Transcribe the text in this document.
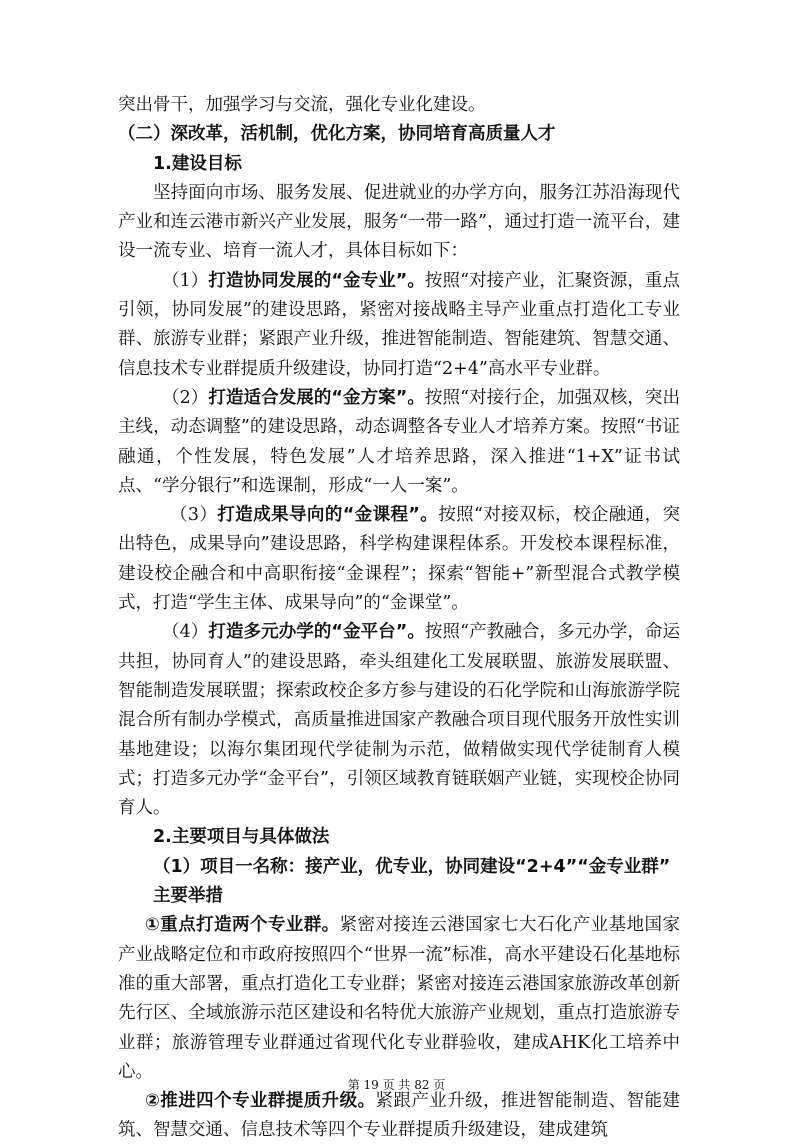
突出骨干，加强学习与交流，强化专业化建设。

（二）深改革，活机制，优化方案，协同培育高质量人才

1.建设目标

坚持面向市场、服务发展、促进就业的办学方向，服务江苏沿海现代产业和连云港市新兴产业发展，服务“一带一路”，通过打造一流平台，建设一流专业、培育一流人才，具体目标如下：

（1）打造协同发展的“金专业”。按照“对接产业，汇聚资源，重点引领，协同发展”的建设思路，紧密对接战略主导产业重点打造化工专业群、旅游专业群；紧跟产业升级，推进智能制造、智能建筑、智慧交通、信息技术专业群提质升级建设，协同打造“2+4”高水平专业群。

（2）打造适合发展的“金方案”。按照“对接行企，加强双核，突出主线，动态调整”的建设思路，动态调整各专业人才培养方案。按照“书证融通，个性发展，特色发展”人才培养思路，深入推进“1+X”证书试点、“学分银行”和选课制，形成“一人一案”。

（3）打造成果导向的“金课程”。按照“对接双标，校企融通，突出特色，成果导向”建设思路，科学构建课程体系。开发校本课程标准，建设校企融合和中高职衔接“金课程”；探索“智能+”新型混合式教学模式，打造“学生主体、成果导向”的“金课堂”。

（4）打造多元办学的“金平台”。按照“产教融合，多元办学，命运共担，协同育人”的建设思路，牵头组建化工发展联盟、旅游发展联盟、智能制造发展联盟；探索政校企多方参与建设的石化学院和山海旅游学院混合所有制办学模式，高质量推进国家产教融合项目现代服务开放性实训基地建设；以海尔集团现代学徒制为示范，做精做实现代学徒制育人模式；打造多元办学“金平台”，引领区域教育链联姻产业链，实现校企协同育人。

2.主要项目与具体做法

（1）项目一名称：接产业，优专业，协同建设“2+4”“金专业群”

主要举措

①重点打造两个专业群。紧密对接连云港国家七大石化产业基地国家产业战略定位和市政府按照四个“世界一流”标准，高水平建设石化基地标准的重大部署，重点打造化工专业群；紧密对接连云港国家旅游改革创新先行区、全域旅游示范区建设和名特优大旅游产业规划，重点打造旅游专业群；旅游管理专业群通过省现代化专业群验收，建成AHK化工培养中心。

②推进四个专业群提质升级。紧跟产业升级，推进智能制造、智能建筑、智慧交通、信息技术等四个专业群提质升级建设，建成建筑

第 19 页 共 82 页
